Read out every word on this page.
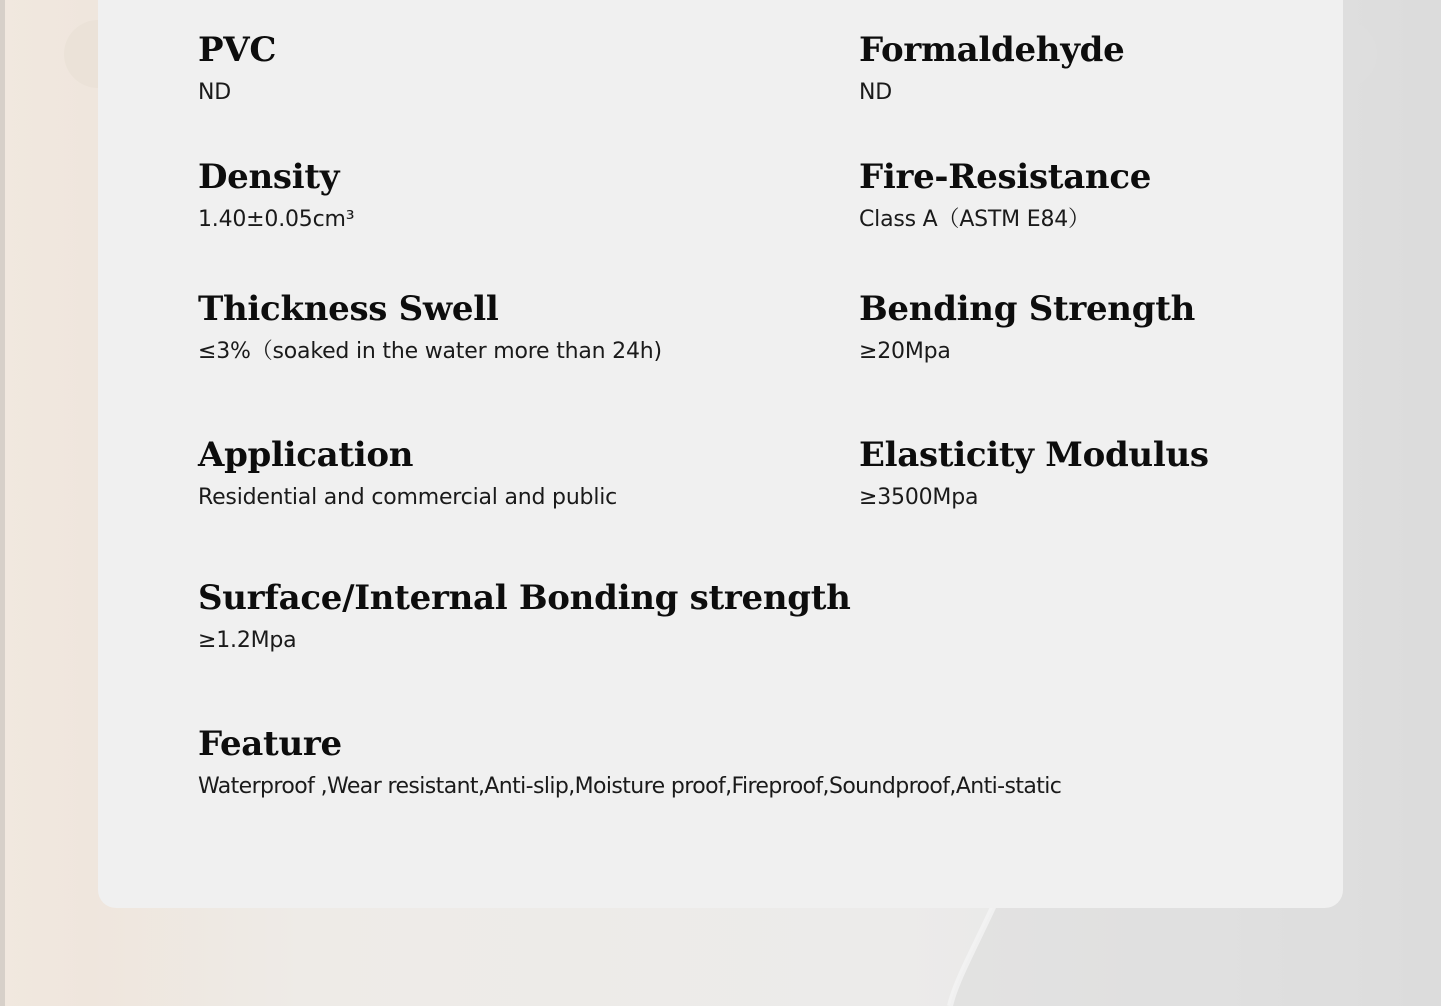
PVC
ND
Formaldehyde
ND
Density
1.40±0.05cm³
Fire-Resistance
Class A（ASTM E84）
Thickness Swell
≤3%（soaked in the water more than 24h)
Bending Strength
≥20Mpa
Application
Residential and commercial and public
Elasticity Modulus
≥3500Mpa
Surface/Internal Bonding strength
≥1.2Mpa
Feature
Waterproof ,Wear resistant,Anti-slip,Moisture proof,Fireproof,Soundproof,Anti-static
